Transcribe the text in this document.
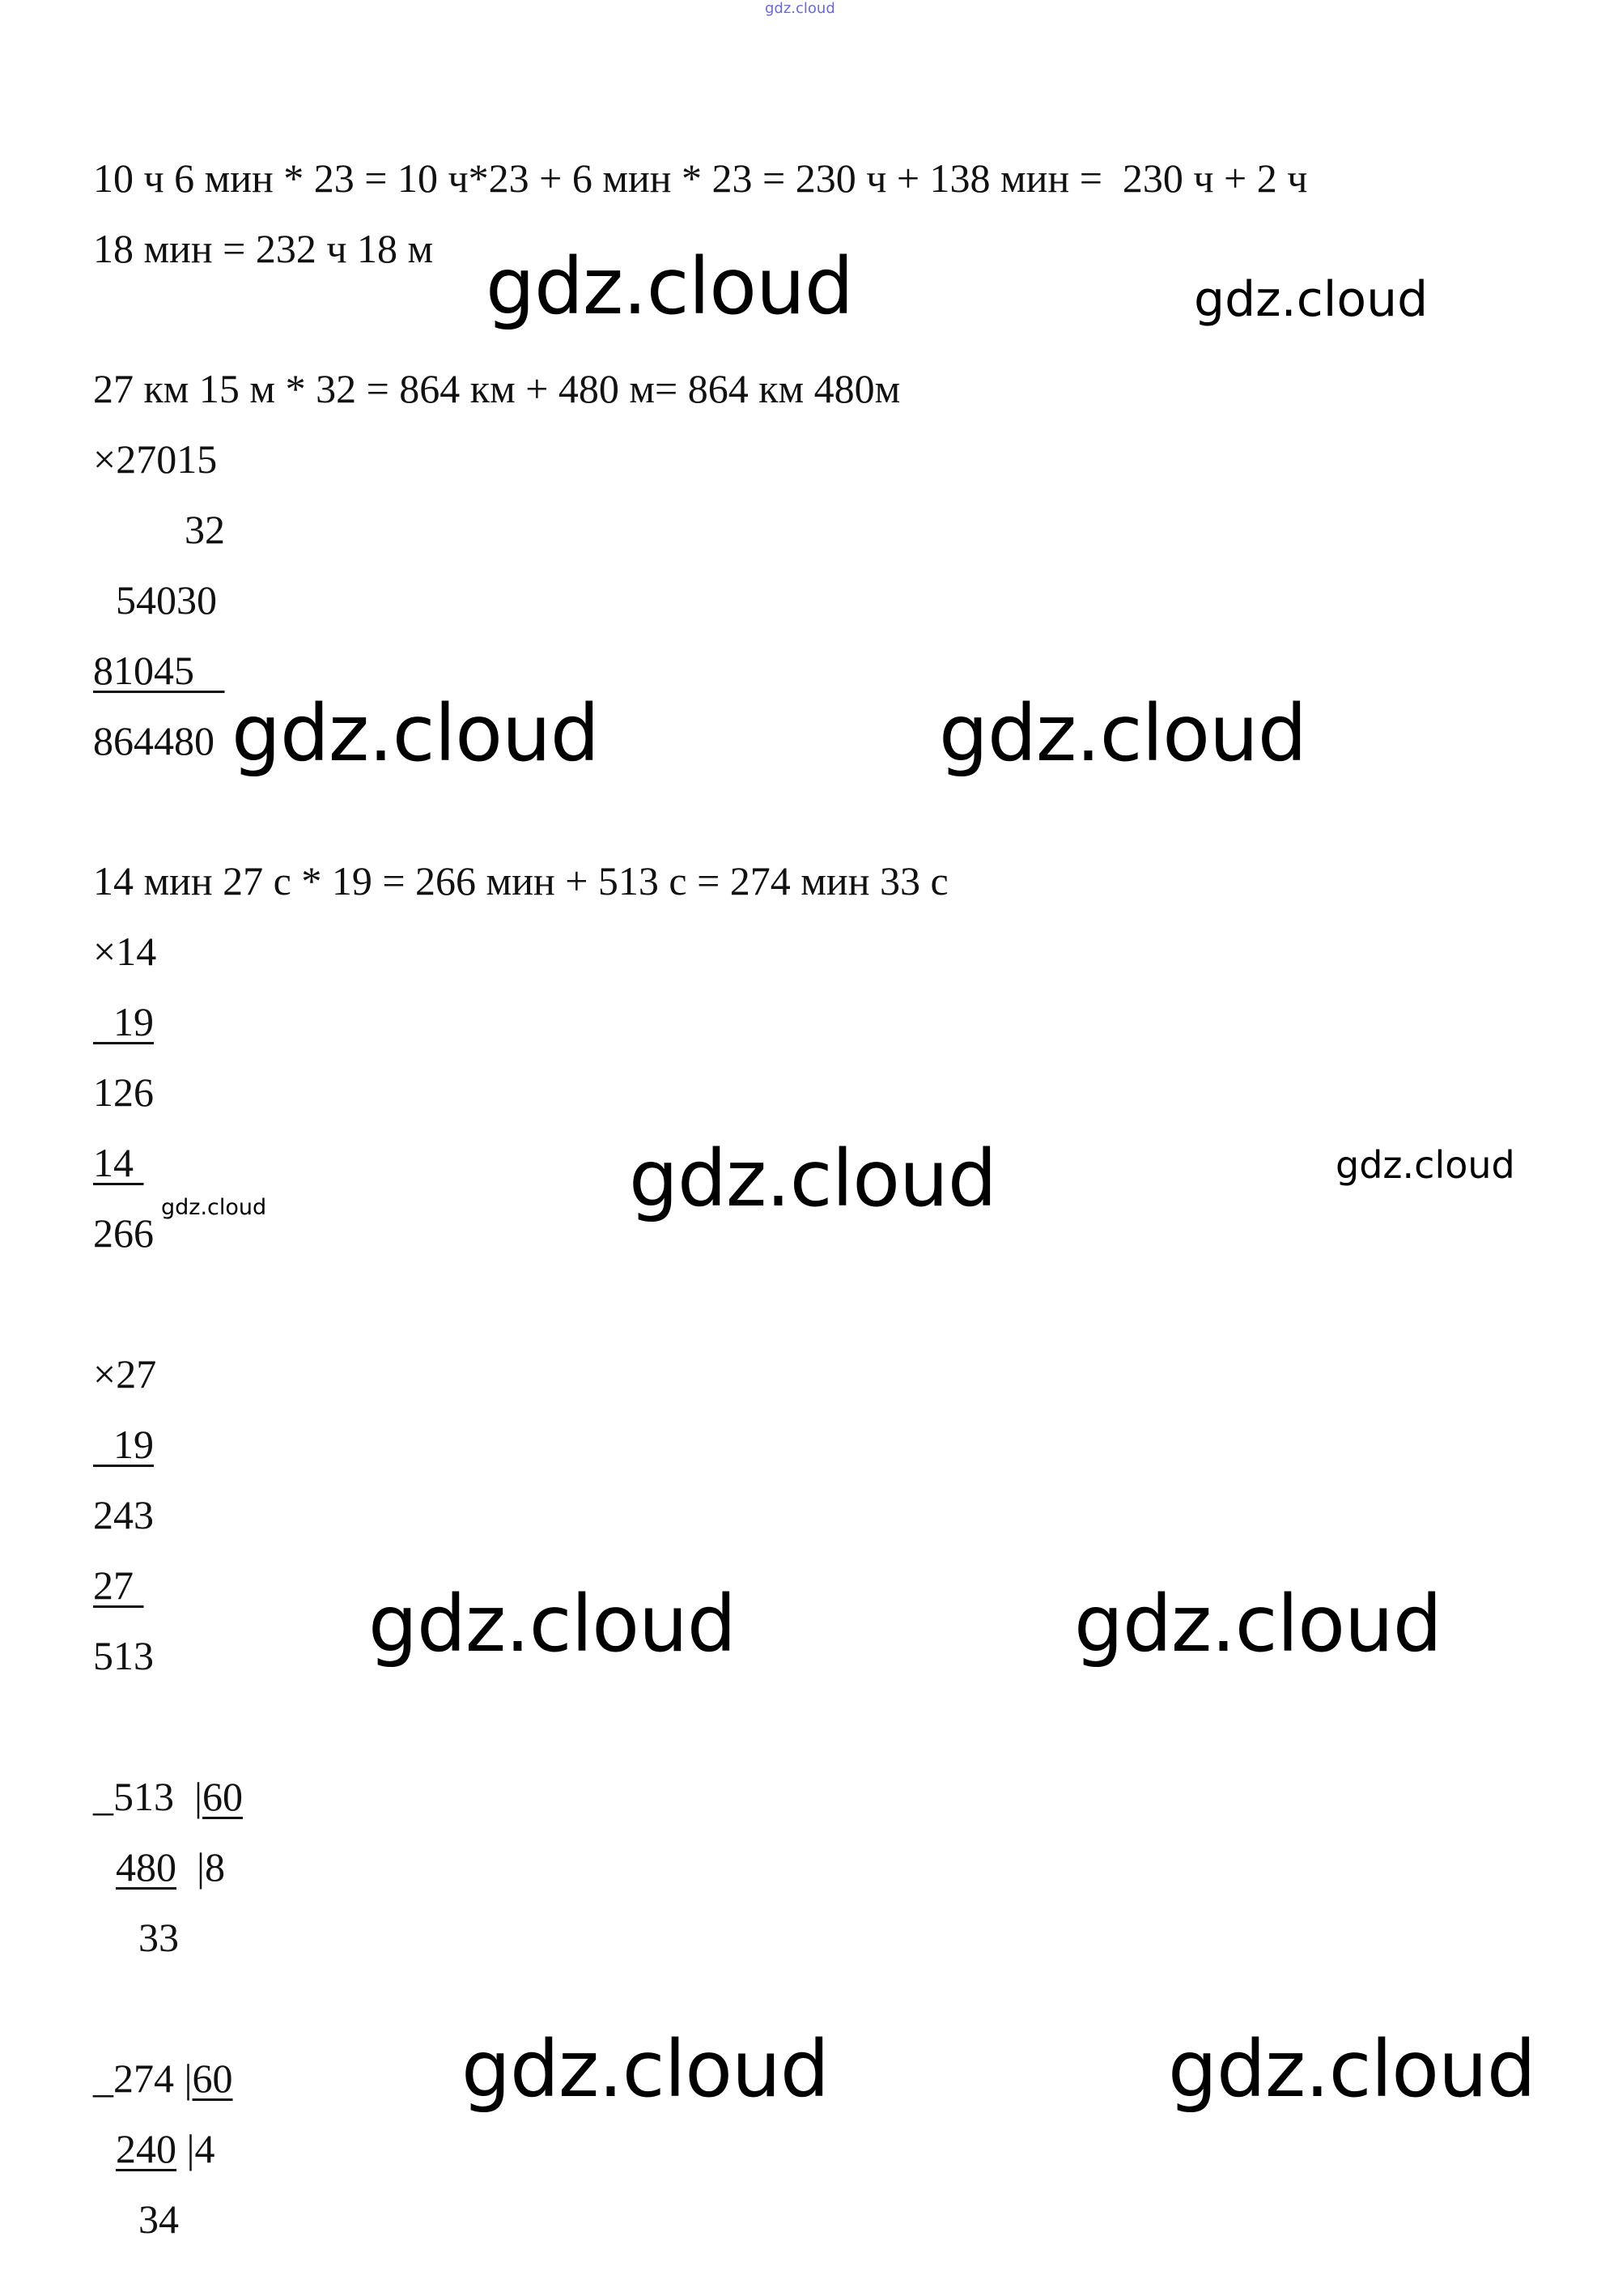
gdz.cloud
10 ч 6 мин * 23 = 10 ч*23 + 6 мин * 23 = 230 ч + 138 мин =  230 ч + 2 ч
18 мин = 232 ч 18 м
27 км 15 м * 32 = 864 км + 480 м= 864 км 480м
×27015
32
54030
81045
864480
14 мин 27 с * 19 = 266 мин + 513 с = 274 мин 33 с
×14
19
126
14
266
×27
19
243
27
513
_513  |60
480  |8
33
_274 |60
240 |4
34
gdz.cloud	gdz.cloud
gdz.cloud	gdz.cloud
gdz.cloud	gdz.cloud
gdz.cloud
gdz.cloud	gdz.cloud
gdz.cloud	gdz.cloud
